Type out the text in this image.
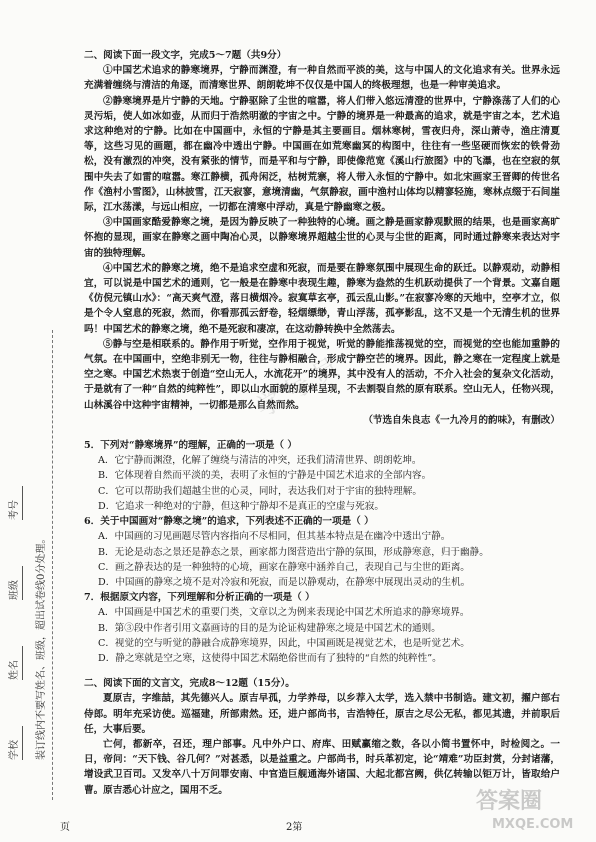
学校
姓名
班级
考号
装订线内不要写姓名、班级，超出试卷线0分处理。
学号员

二、阅读下面一段文字，完成5～7题（共9分）

①中国艺术追求的静寒境界，宁静而渊澄，有一种自然而平淡的美，这与中国人的文化追求有关。世界永远充满着缠绕与清洁的角逐，而清寒世界、朗朗乾坤不仅仅是中国人的终极理想，也是一种审美追求。

②静寒境界是片宁静的天地。宁静驱除了尘世的喧嚣，将人们带入悠远清澄的世界中，宁静涤荡了人们的心灵污垢，使人如冰如壶，从而归于浩然明澈的宇宙之中。宁静的境界是一种最高的追求，就是宇宙之本，艺术追求这种绝对的宁静。比如在中国画中，永恒的宁静是其主要画目。烟林寒树，雪夜归舟，深山萧寺，渔庄清夏等，这些习见的画题，都在幽冷中透出宁静。中国画在如荒寒幽冥的构图中，往往有一些坚硬而恢宏的铁骨劲松，没有激烈的冲突，没有紧张的情节，而是平和与宁静，即使像范宽《溪山行旅图》中的飞瀑，也在空寂的氛围中失去了如雷的喧嚣。寒江静横，孤舟闲泛，枯树荒寨，将人带入永恒的宁静中。如北宋画家王晋卿的传世名作《渔村小雪图》，山林披雪，江天寂寥，意境清幽，气氛静寂，画中渔村山体均以精寥轻施，寒林点缀于石间崖际，江水荡漾，与远山相应，一切都在清寒中浮动，真是宁静幽寒之极。

③中国画家酷爱静寒之境，是因为静反映了一种独特的心境。画之静是画家静观默照的结果，也是画家高旷怀抱的显现，画家在静寒之画中陶冶心灵，以静寒境界超越尘世的心灵与尘世的距离，同时通过静寒来表达对宇宙的独特理解。

④中国艺术的静寒之境，绝不是追求空虚和死寂，而是要在静寒氛围中展现生命的跃迁。以静观动，动静相宜，可以说是中国艺术的通则，它一般是在静寒中表现生趣，静寒为盎然的生机跃动提供了一个背景。文嘉自题《仿倪元镇山水》：“高天爽气澄，落日横烟冷。寂寞草玄亭，孤云乱山影。”在寂寥冷寒的天地中，空亭才立，似是个令人窒息的死寂，然而，你看那孤云舒卷，轻烟缥缈，青山浮荡，孤亭影乱，这不又是一个无清生机的世界吗！中国艺术的静寒之境，绝不是死寂和凄凉，在这动静转换中全然荡去。

⑤静与空是相联系的。静作用于听觉，空作用于视觉，听觉的静能推荡视觉的空，而视觉的空也能加重静的气氛。在中国画中，空绝非别无一物，往往与静相融合，形成宁静空芒的境界。因此，静之寒在一定程度上就是空之寒。中国艺术热衷于创造“空山无人，水流花开”的境界，其中没有人的活动，不介入社会的复杂文化活动，于是就有了一种“自然的纯粹性”，即以山水面貌的原样呈现，不去割裂自然的原有联系。空山无人，任物兴现，山林溪谷中这种宇宙精神，一切都是那么自然而然。

（节选自朱良志《一九冷月的韵味》，有删改）

5．下列对“静寒境界”的理解，正确的一项是（ ）

A．它宁静而渊澄，化解了缠绕与清洁的冲突，还我们清清世界、朗朗乾坤。

B．它体现着自然而平淡的美，表明了永恒的宁静是中国艺术追求的全部内容。

C．它可以帮助我们超越尘世的心灵，同时，表达我们对于宇宙的独特理解。

D．它追求一种绝对的宁静，但这种宁静却不是真正的空虚与死寂。

6．关于中国画对“静寒之境”的追求，下列表述不正确的一项是（ ）

A．中国画的习见画题尽管内容指向不尽相同，但其基本特点是在幽冷中透出宁静。

B．无论是动态之景还是静态之景，画家都力图营造出宁静的氛围，形成静寒意，归于幽静。

C．画之静表达的是一种独特的心境，画家在静寒中涵养自己，表现自己与尘世的距离。

D．中国画的静寒之境不是对冷寂和死寂，而是以静观动，在静寒中展现出灵动的生机。

7．根据原文内容，下列理解和分析正确的一项是（ ）

A．中国画是中国艺术的重要门类，文章以之为例来表现论中国艺术所追求的静寒境界。

B．第③段中作者引用文嘉画诗的目的是为论证构建静寒之境是中国艺术的通则。

C．视觉的空与听觉的静融合成静寒境界，因此，中国画既是视觉艺术，也是听觉艺术。

D．静之寒就是空之寒，这使得中国艺术隔绝俗世而有了独特的“自然的纯粹性”。

二、阅读下面的文言文，完成8～12题（15分）。

夏原吉，字维喆，其先德兴人。原吉早孤，力学养母，以乡荐入太学，选入禁中书制诰。建文初，擢户部右侍郎。明年充采访使。巡福建，所部肃然。还，进户部尚书，吉浩特任，原吉之尽公无私，都见其遗，并前职后任，大事后要。

亡何，都新卒，召还，理户部事。凡中外户口、府库、田赋赢缩之数，各以小简书置怀中，时检阅之。一日，帝问：“天下钱、谷几何？”对甚悉，以是益重之。户部尚书，时兵革初定，论“靖难”功臣封赏，分封诸藩，增设武卫百司。又发卒八十万问罪安南、中官造巨舰通海外诸国、大起北都宫阙，供亿转输以钜万计，皆取给户曹。原吉悉心计应之，国用不乏。

页	2第
答案圈
MXQE.COM
